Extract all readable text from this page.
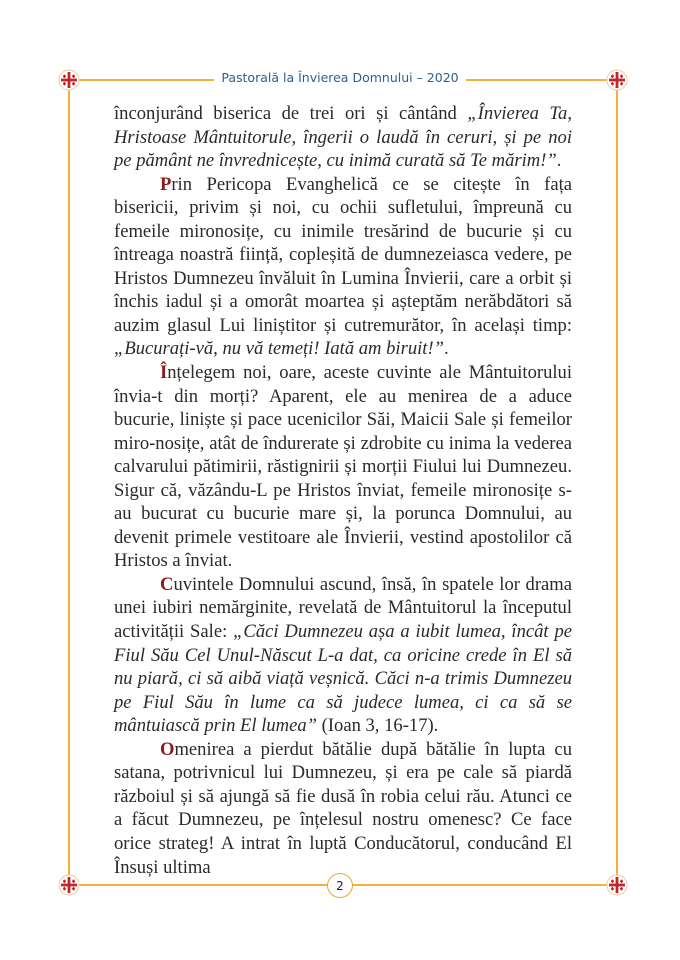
Pastorală la Învierea Domnului – 2020

înconjurând biserica de trei ori și cântând „Învierea Ta, Hristoase Mântuitorule, îngerii o laudă în ceruri, și pe noi pe pământ ne învrednicește, cu inimă curată să Te mărim!”.

Prin Pericopa Evanghelică ce se citește în fața bisericii, privim și noi, cu ochii sufletului, împreună cu femeile mironosițe, cu inimile tresărind de bucurie și cu întreaga noastră ființă, copleșită de dumnezeiasca vedere, pe Hristos Dumnezeu învăluit în Lumina Învierii, care a orbit și închis iadul și a omorât moartea și așteptăm nerăbdători să auzim glasul Lui liniștitor și cutremurător, în același timp: „Bucurați-vă, nu vă temeți! Iată am biruit!”.

Înțelegem noi, oare, aceste cuvinte ale Mântuitorului învia-t din morți? Aparent, ele au menirea de a aduce bucurie, liniște și pace ucenicilor Săi, Maicii Sale și femeilor miro-nosițe, atât de îndurerate și zdrobite cu inima la vederea calvarului pătimirii, răstignirii și morții Fiului lui Dumnezeu. Sigur că, văzându-L pe Hristos înviat, femeile mironosițe s-au bucurat cu bucurie mare și, la porunca Domnului, au devenit primele vestitoare ale Învierii, vestind apostolilor că Hristos a înviat.

Cuvintele Domnului ascund, însă, în spatele lor drama unei iubiri nemărginite, revelată de Mântuitorul la începutul activității Sale: „Căci Dumnezeu așa a iubit lumea, încât pe Fiul Său Cel Unul-Născut L-a dat, ca oricine crede în El să nu piară, ci să aibă viață veșnică. Căci n-a trimis Dumnezeu pe Fiul Său în lume ca să judece lumea, ci ca să se mântuiască prin El lumea” (Ioan 3, 16-17).

Omenirea a pierdut bătălie după bătălie în lupta cu satana, potrivnicul lui Dumnezeu, și era pe cale să piardă războiul și să ajungă să fie dusă în robia celui rău. Atunci ce a făcut Dumnezeu, pe înțelesul nostru omenesc? Ce face orice strateg! A intrat în luptă Conducătorul, conducând El Însuși ultima

2
